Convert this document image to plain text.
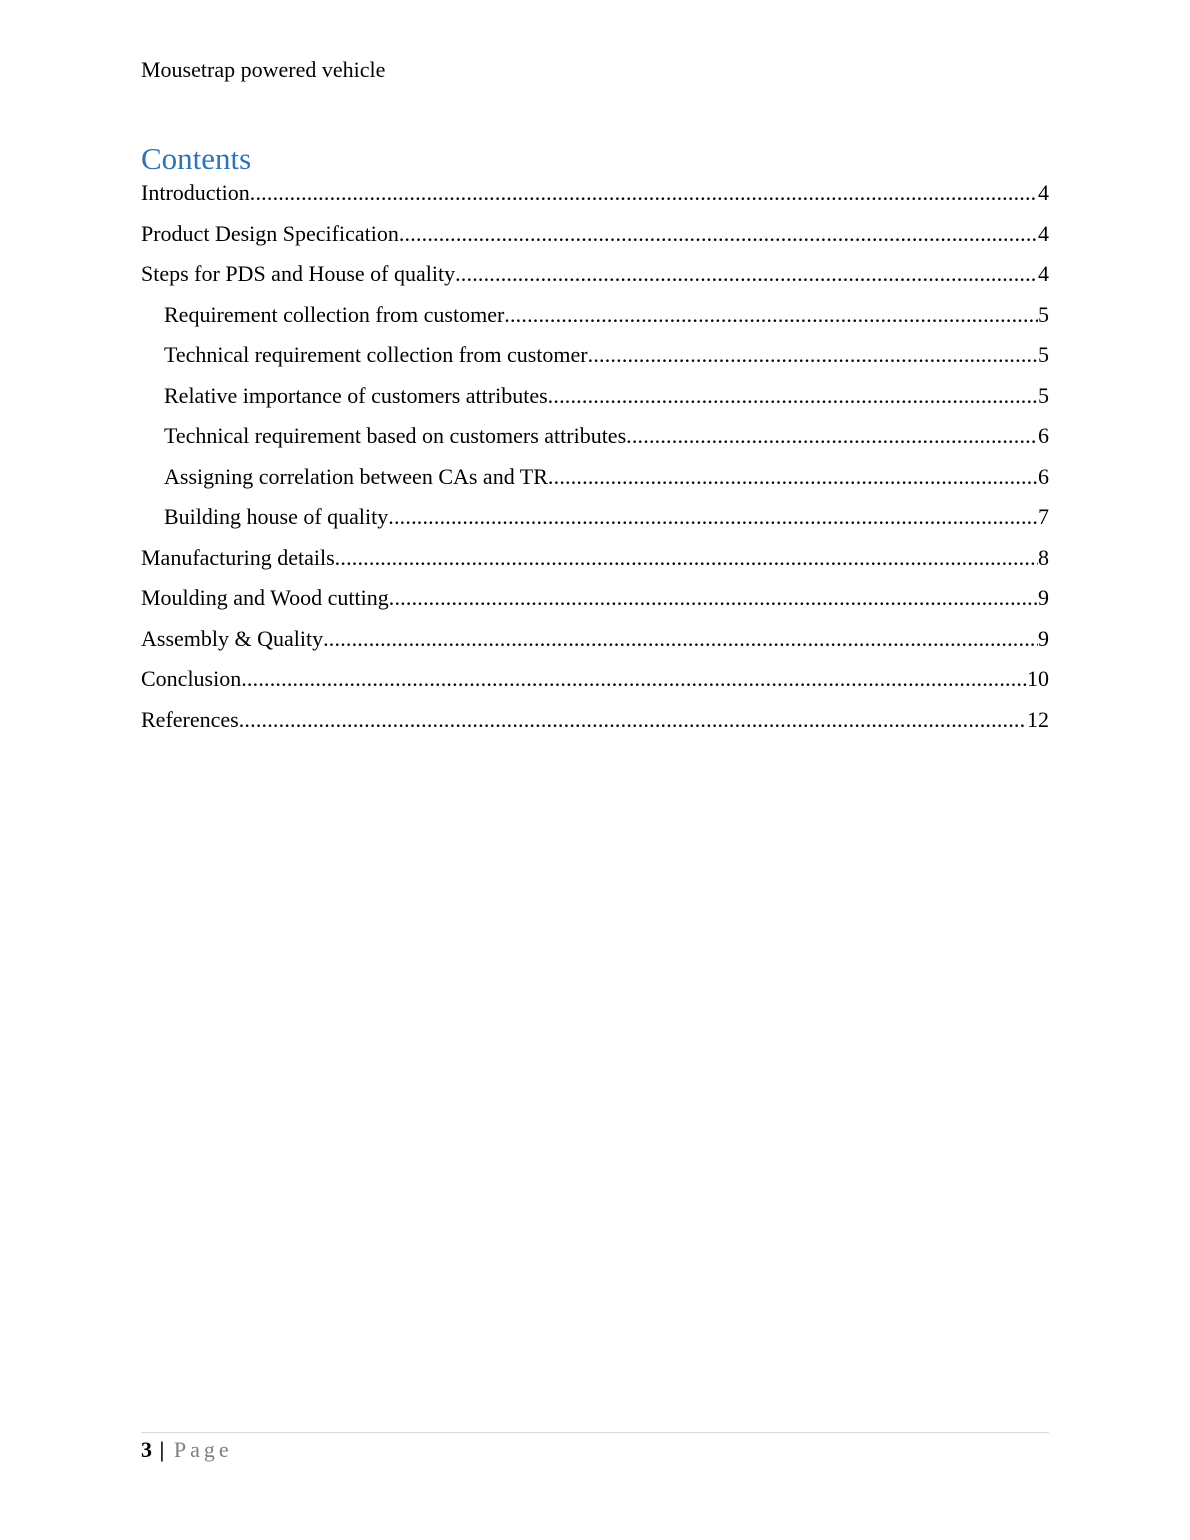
Mousetrap powered vehicle
Contents
Introduction .....	4
Product Design Specification .....	4
Steps for PDS and House of quality .....	4
Requirement collection from customer .....	5
Technical requirement collection from customer .....	5
Relative importance of customers attributes .....	5
Technical requirement based on customers attributes .....	6
Assigning correlation between CAs and TR .....	6
Building house of quality .....	7
Manufacturing details .....	8
Moulding and Wood cutting .....	9
Assembly & Quality .....	9
Conclusion .....	10
References .....	12
3 | Page
